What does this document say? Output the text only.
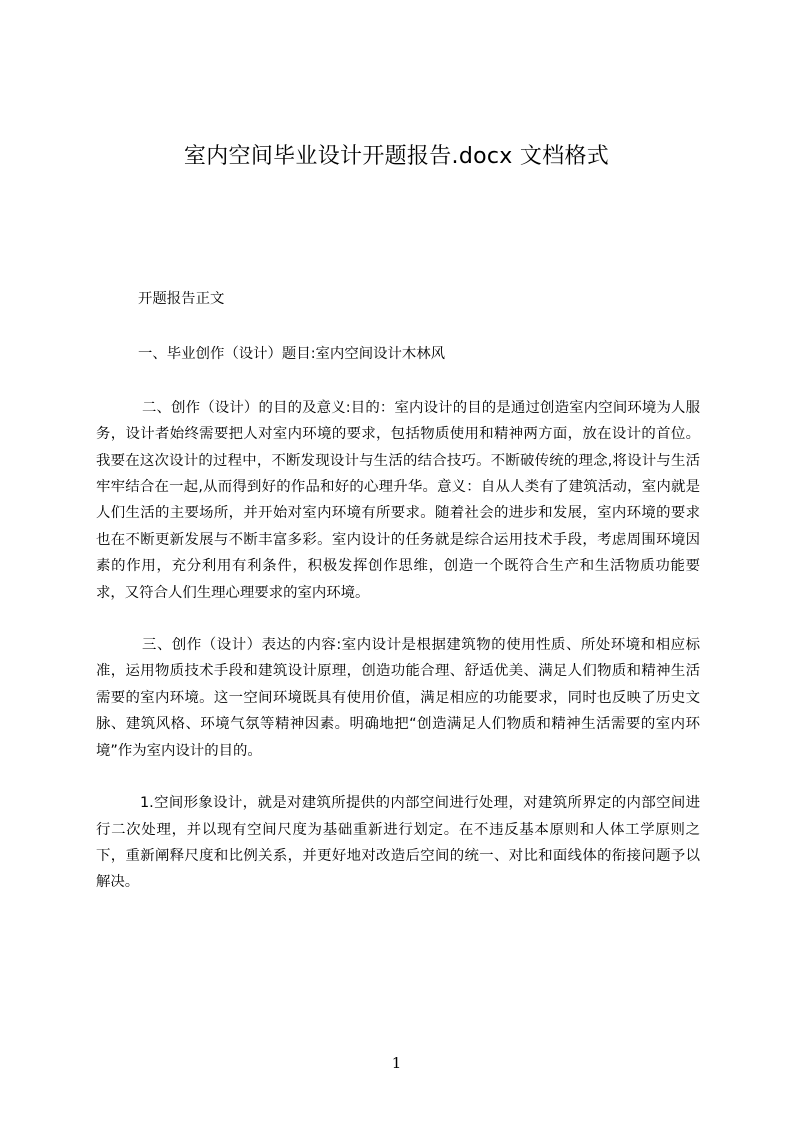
室内空间毕业设计开题报告.docx 文档格式

开题报告正文

一、毕业创作（设计）题目:室内空间设计木林风

二、创作（设计）的目的及意义:目的：室内设计的目的是通过创造室内空间环境为人服务，设计者始终需要把人对室内环境的要求，包括物质使用和精神两方面，放在设计的首位。我要在这次设计的过程中，不断发现设计与生活的结合技巧。不断破传统的理念,将设计与生活牢牢结合在一起,从而得到好的作品和好的心理升华。意义：自从人类有了建筑活动，室内就是人们生活的主要场所，并开始对室内环境有所要求。随着社会的进步和发展，室内环境的要求也在不断更新发展与不断丰富多彩。室内设计的任务就是综合运用技术手段，考虑周围环境因素的作用，充分利用有利条件，积极发挥创作思维，创造一个既符合生产和生活物质功能要求，又符合人们生理心理要求的室内环境。

三、创作（设计）表达的内容:室内设计是根据建筑物的使用性质、所处环境和相应标准，运用物质技术手段和建筑设计原理，创造功能合理、舒适优美、满足人们物质和精神生活需要的室内环境。这一空间环境既具有使用价值，满足相应的功能要求，同时也反映了历史文脉、建筑风格、环境气氛等精神因素。明确地把“创造满足人们物质和精神生活需要的室内环境”作为室内设计的目的。

1.空间形象设计，就是对建筑所提供的内部空间进行处理，对建筑所界定的内部空间进行二次处理，并以现有空间尺度为基础重新进行划定。在不违反基本原则和人体工学原则之下，重新阐释尺度和比例关系，并更好地对改造后空间的统一、对比和面线体的衔接问题予以解决。

1
